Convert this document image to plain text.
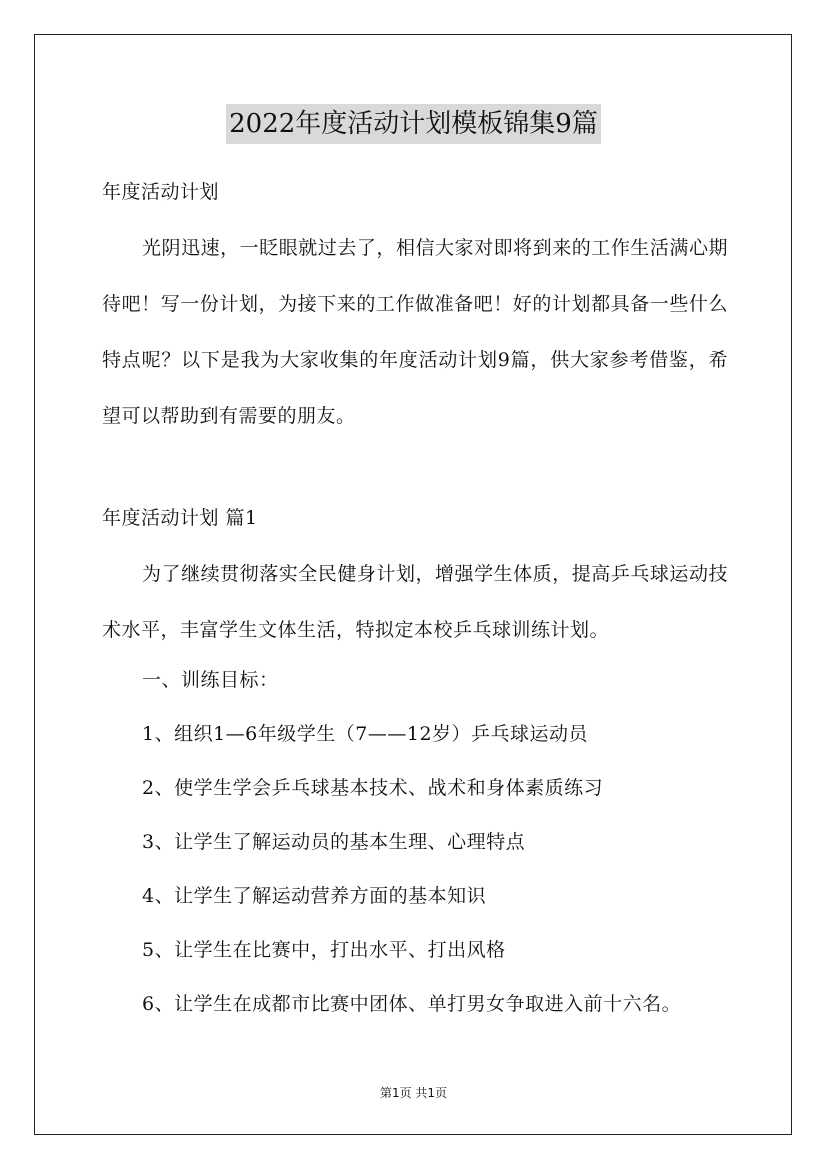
2022年度活动计划模板锦集9篇
年度活动计划

光阴迅速，一眨眼就过去了，相信大家对即将到来的工作生活满心期待吧！写一份计划，为接下来的工作做准备吧！好的计划都具备一些什么特点呢？以下是我为大家收集的年度活动计划9篇，供大家参考借鉴，希望可以帮助到有需要的朋友。

年度活动计划 篇1

为了继续贯彻落实全民健身计划，增强学生体质，提高乒乓球运动技术水平，丰富学生文体生活，特拟定本校乒乓球训练计划。

一、训练目标：
1、组织1—6年级学生（7——12岁）乒乓球运动员
2、使学生学会乒乓球基本技术、战术和身体素质练习
3、让学生了解运动员的基本生理、心理特点
4、让学生了解运动营养方面的基本知识
5、让学生在比赛中，打出水平、打出风格
6、让学生在成都市比赛中团体、单打男女争取进入前十六名。
第1页 共1页
